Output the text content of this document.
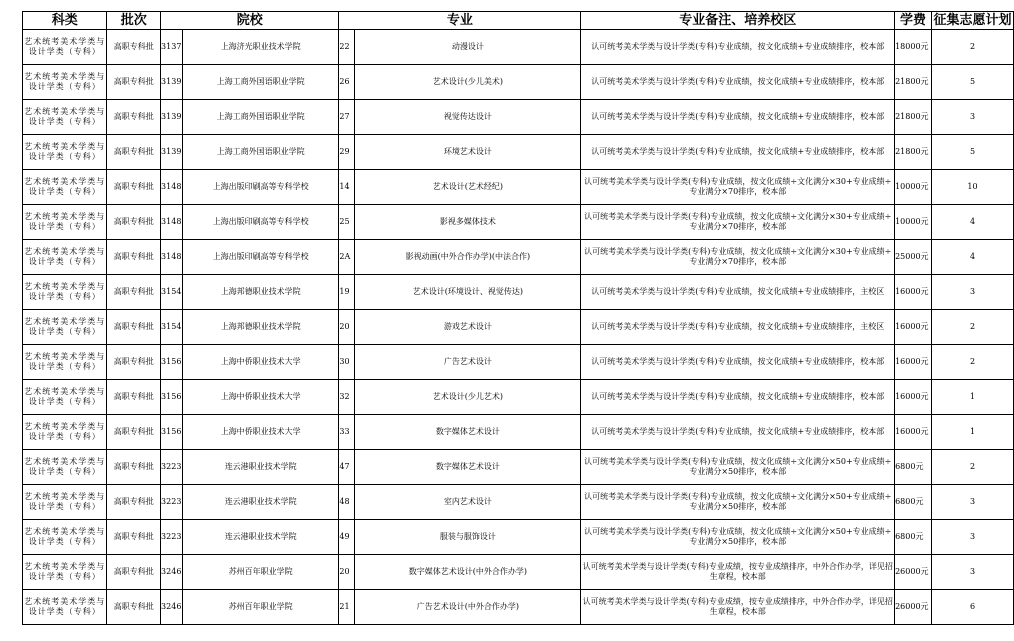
科类	批次	院校		专业		专业备注、培养校区	学费	征集志愿计划
艺术统考美术学类与设计学类（专科）	高职专科批	3137	上海济光职业技术学院	22	动漫设计	认可统考美术学类与设计学类(专科)专业成绩，按文化成绩+专业成绩排序，校本部	18000元	2
艺术统考美术学类与设计学类（专科）	高职专科批	3139	上海工商外国语职业学院	26	艺术设计(少儿美术)	认可统考美术学类与设计学类(专科)专业成绩，按文化成绩+专业成绩排序，校本部	21800元	5
艺术统考美术学类与设计学类（专科）	高职专科批	3139	上海工商外国语职业学院	27	视觉传达设计	认可统考美术学类与设计学类(专科)专业成绩，按文化成绩+专业成绩排序，校本部	21800元	3
艺术统考美术学类与设计学类（专科）	高职专科批	3139	上海工商外国语职业学院	29	环境艺术设计	认可统考美术学类与设计学类(专科)专业成绩，按文化成绩+专业成绩排序，校本部	21800元	5
艺术统考美术学类与设计学类（专科）	高职专科批	3148	上海出版印刷高等专科学校	14	艺术设计(艺术经纪)	认可统考美术学类与设计学类(专科)专业成绩，按文化成绩÷文化满分×30+专业成绩÷专业满分×70排序，校本部	10000元	10
艺术统考美术学类与设计学类（专科）	高职专科批	3148	上海出版印刷高等专科学校	25	影视多媒体技术	认可统考美术学类与设计学类(专科)专业成绩，按文化成绩÷文化满分×30+专业成绩÷专业满分×70排序，校本部	10000元	4
艺术统考美术学类与设计学类（专科）	高职专科批	3148	上海出版印刷高等专科学校	2A	影视动画(中外合作办学)(中法合作)	认可统考美术学类与设计学类(专科)专业成绩，按文化成绩÷文化满分×30+专业成绩÷专业满分×70排序，校本部	25000元	4
艺术统考美术学类与设计学类（专科）	高职专科批	3154	上海邦德职业技术学院	19	艺术设计(环境设计、视觉传达)	认可统考美术学类与设计学类(专科)专业成绩，按文化成绩+专业成绩排序，主校区	16000元	3
艺术统考美术学类与设计学类（专科）	高职专科批	3154	上海邦德职业技术学院	20	游戏艺术设计	认可统考美术学类与设计学类(专科)专业成绩，按文化成绩+专业成绩排序，主校区	16000元	2
艺术统考美术学类与设计学类（专科）	高职专科批	3156	上海中侨职业技术大学	30	广告艺术设计	认可统考美术学类与设计学类(专科)专业成绩，按文化成绩+专业成绩排序，校本部	16000元	2
艺术统考美术学类与设计学类（专科）	高职专科批	3156	上海中侨职业技术大学	32	艺术设计(少儿艺术)	认可统考美术学类与设计学类(专科)专业成绩，按文化成绩+专业成绩排序，校本部	16000元	1
艺术统考美术学类与设计学类（专科）	高职专科批	3156	上海中侨职业技术大学	33	数字媒体艺术设计	认可统考美术学类与设计学类(专科)专业成绩，按文化成绩+专业成绩排序，校本部	16000元	1
艺术统考美术学类与设计学类（专科）	高职专科批	3223	连云港职业技术学院	47	数字媒体艺术设计	认可统考美术学类与设计学类(专科)专业成绩，按文化成绩÷文化满分×50+专业成绩÷专业满分×50排序，校本部	6800元	2
艺术统考美术学类与设计学类（专科）	高职专科批	3223	连云港职业技术学院	48	室内艺术设计	认可统考美术学类与设计学类(专科)专业成绩，按文化成绩÷文化满分×50+专业成绩÷专业满分×50排序，校本部	6800元	3
艺术统考美术学类与设计学类（专科）	高职专科批	3223	连云港职业技术学院	49	服装与服饰设计	认可统考美术学类与设计学类(专科)专业成绩，按文化成绩÷文化满分×50+专业成绩÷专业满分×50排序，校本部	6800元	3
艺术统考美术学类与设计学类（专科）	高职专科批	3246	苏州百年职业学院	20	数字媒体艺术设计(中外合作办学)	认可统考美术学类与设计学类(专科)专业成绩，按专业成绩排序，中外合作办学，详见招生章程，校本部	26000元	3
艺术统考美术学类与设计学类（专科）	高职专科批	3246	苏州百年职业学院	21	广告艺术设计(中外合作办学)	认可统考美术学类与设计学类(专科)专业成绩，按专业成绩排序，中外合作办学，详见招生章程，校本部	26000元	6
